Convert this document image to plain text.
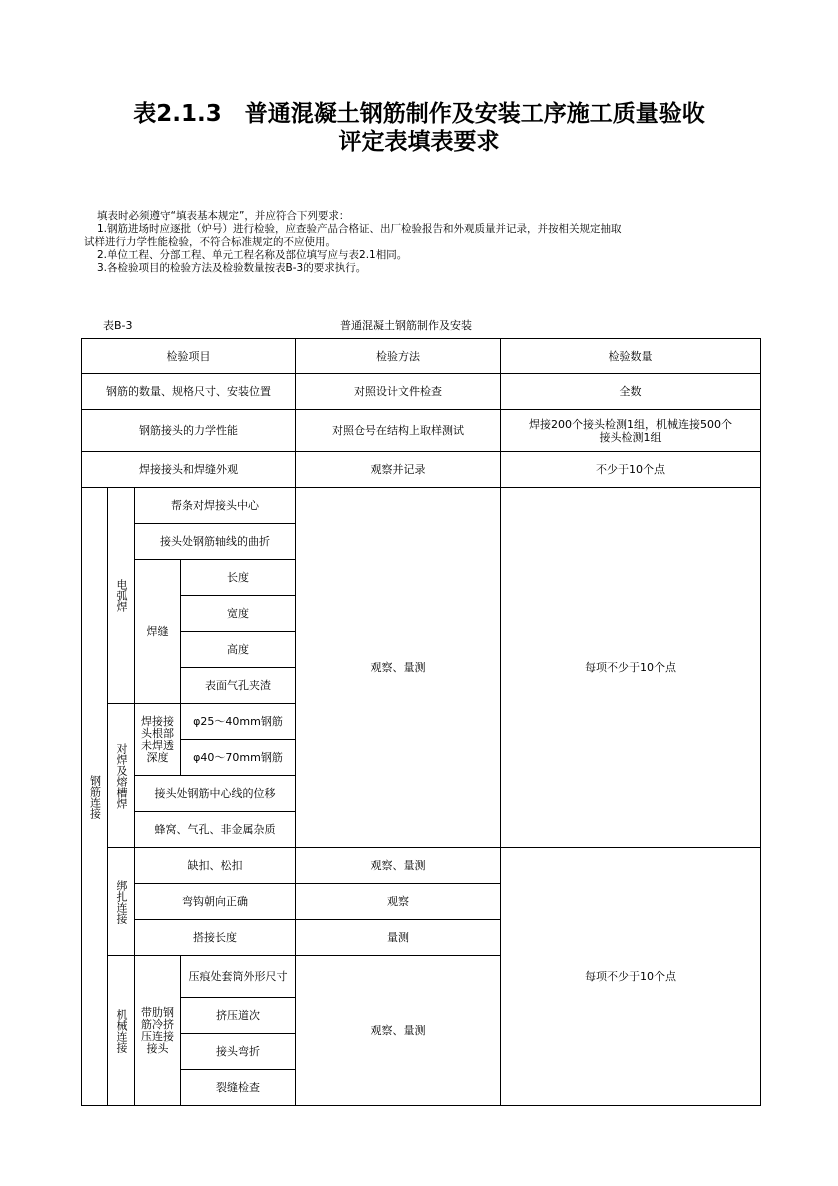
表2.1.3　普通混凝土钢筋制作及安装工序施工质量验收
评定表填表要求
填表时必须遵守“填表基本规定”，并应符合下列要求：
1.钢筋进场时应逐批（炉号）进行检验，应查验产品合格证、出厂检验报告和外观质量并记录，并按相关规定抽取
试样进行力学性能检验，不符合标准规定的不应使用。
2.单位工程、分部工程、单元工程名称及部位填写应与表2.1相同。
3.各检验项目的检验方法及检验数量按表B-3的要求执行。
表B-3	普通混凝土钢筋制作及安装
检验项目				检验方法	检验数量
钢筋的数量、规格尺寸、安装位置				对照设计文件检查	全数
钢筋接头的力学性能				对照仓号在结构上取样测试	焊接200个接头检测1组，机械连接500个
接头检测1组

焊接接头和焊缝外观				观察并记录	不少于10个点

钢筋连接	电弧焊	帮条对焊接头中心		观察、量测	每项不少于10个点
		接头处钢筋轴线的曲折			
		焊缝	长度		
			宽度		
			高度		
			表面气孔夹渣		

	对焊及熔槽焊	焊接接头根部未焊透深度	φ25～40mm钢筋		
			φ40～70mm钢筋		
		接头处钢筋中心线的位移			
		蜂窝、气孔、非金属杂质			

	绑扎连接	缺扣、松扣		观察、量测	每项不少于10个点
		弯钩朝向正确		观察	
		搭接长度		量测	

	机械连接	带肋钢筋冷挤压连接接头	压痕处套筒外形尺寸	观察、量测	
			挤压道次		
			接头弯折		
			裂缝检查		
